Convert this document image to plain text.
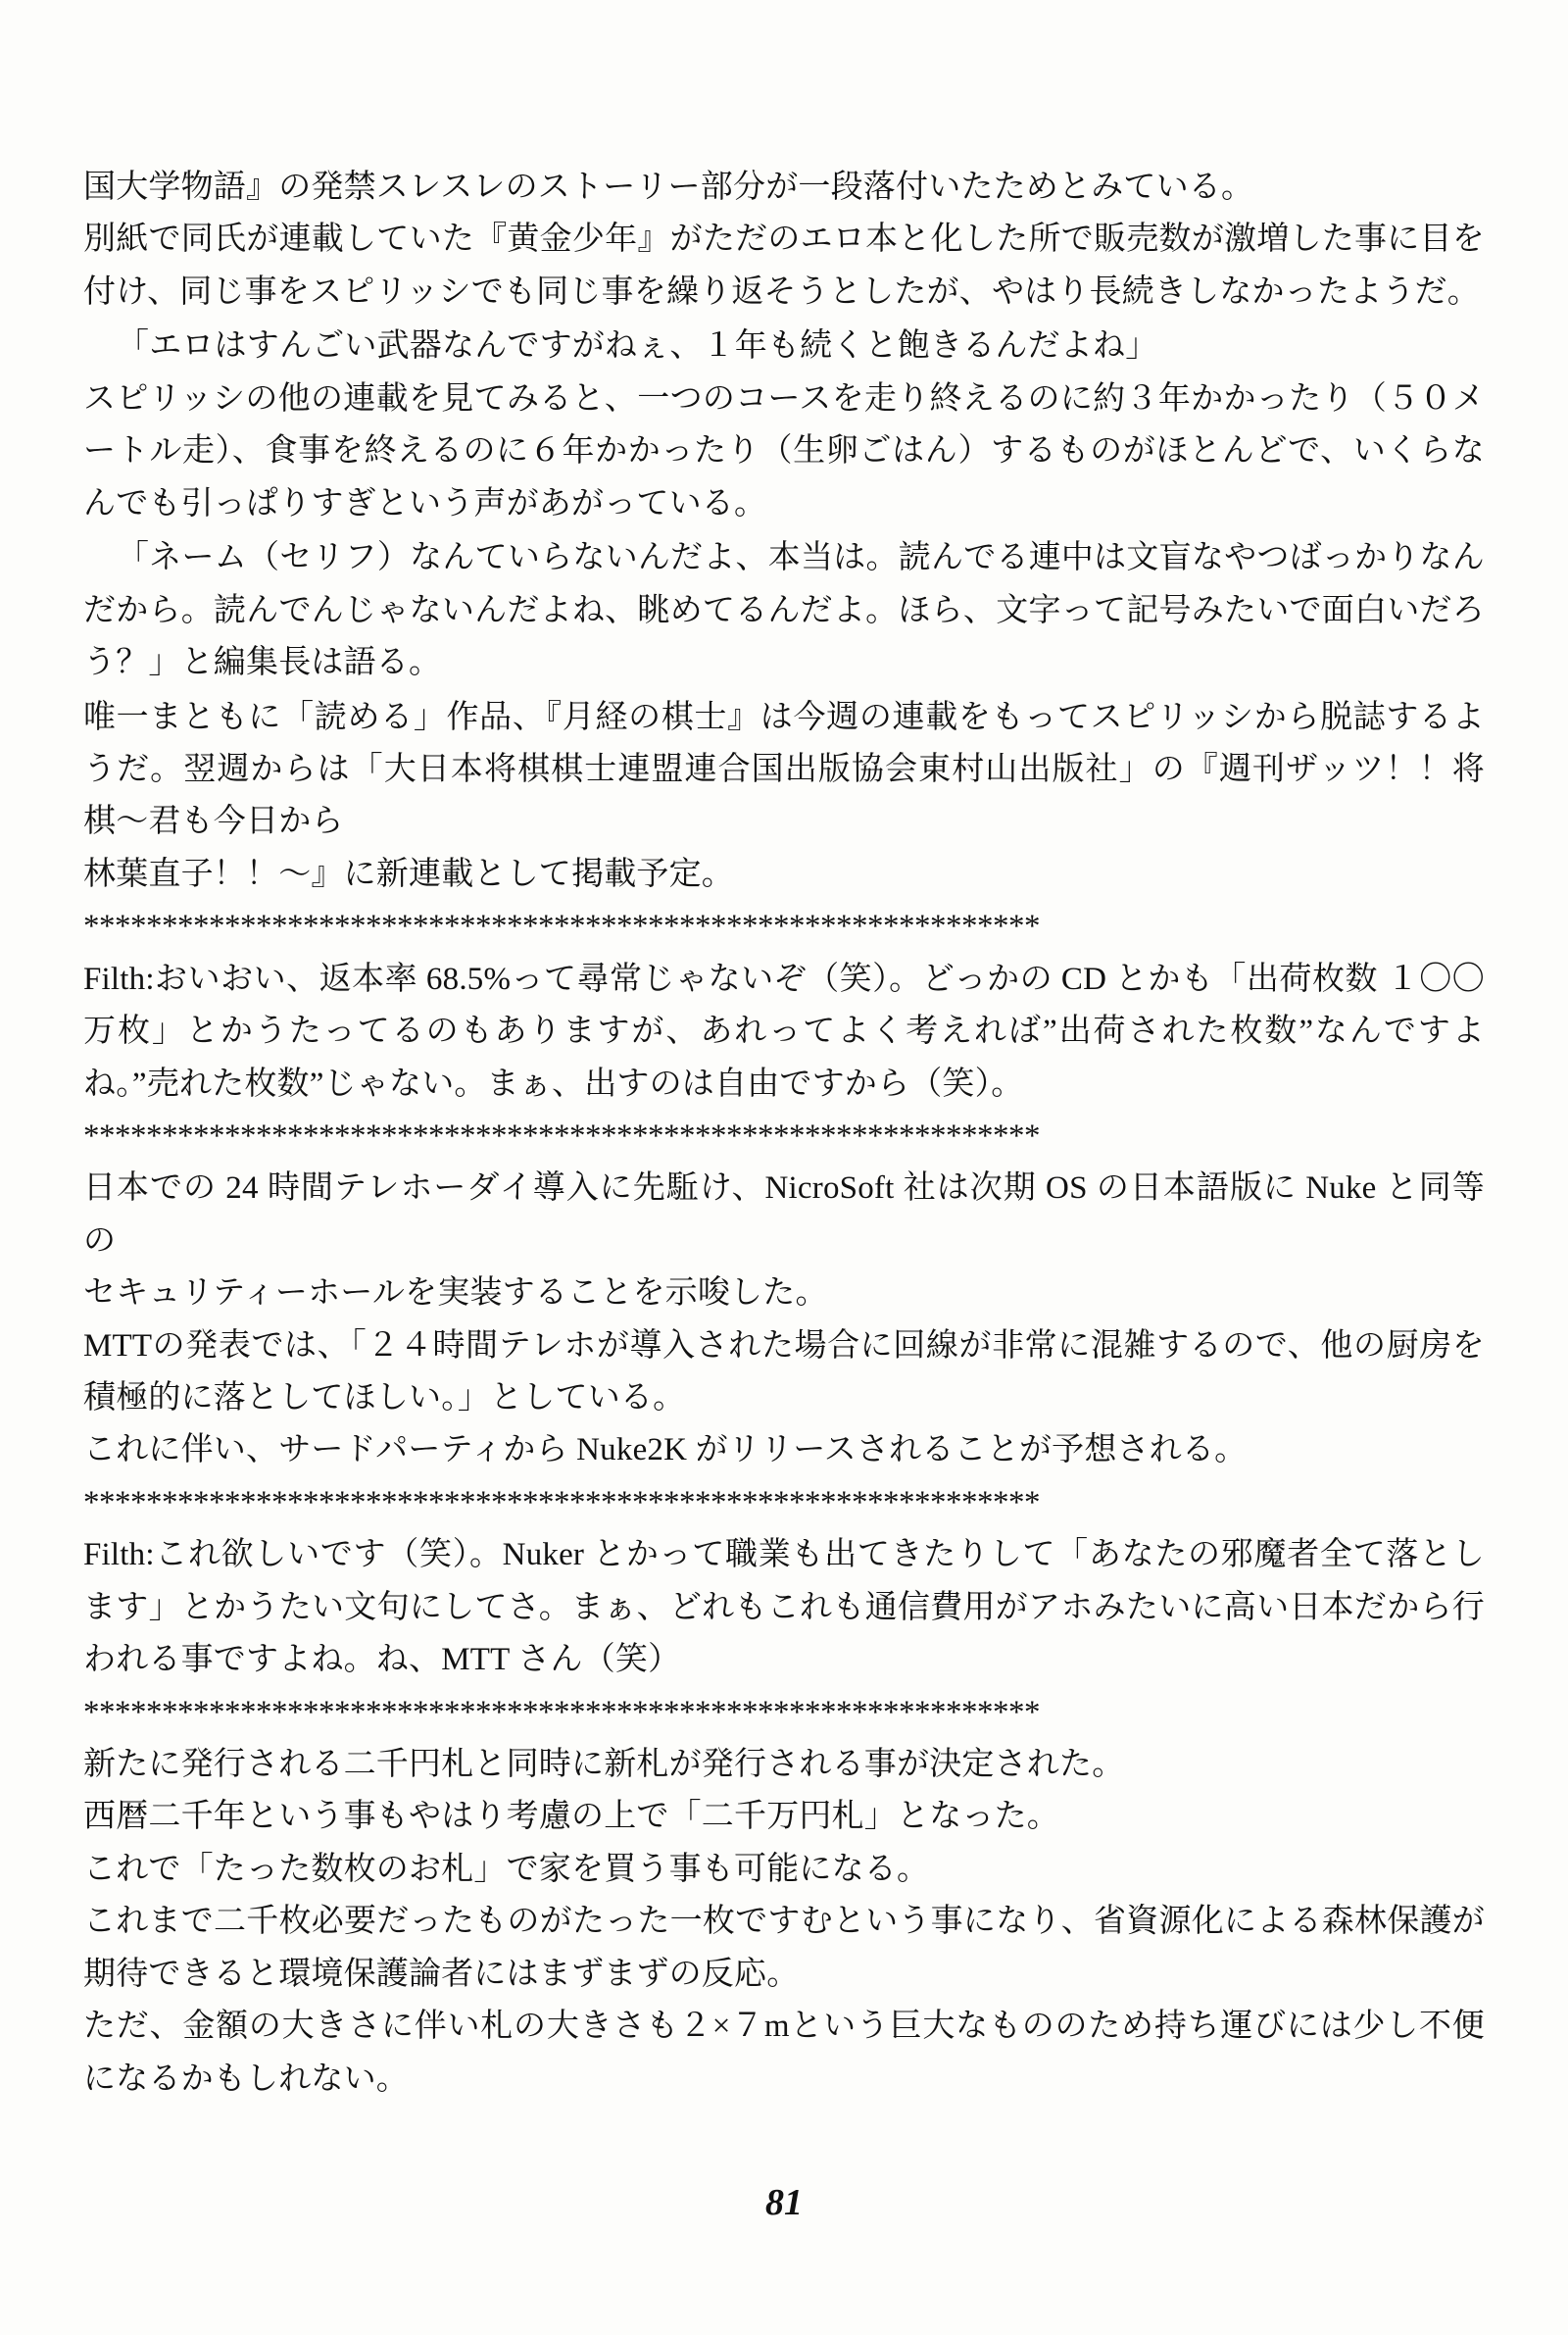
国大学物語』の発禁スレスレのストーリー部分が一段落付いたためとみている。

別紙で同氏が連載していた『黄金少年』がただのエロ本と化した所で販売数が激増した事に目を付け、同じ事をスピリッシでも同じ事を繰り返そうとしたが、やはり長続きしなかったようだ。

「エロはすんごい武器なんですがねぇ、１年も続くと飽きるんだよね」

スピリッシの他の連載を見てみると、一つのコースを走り終えるのに約３年かかったり（５０メートル走）、食事を終えるのに６年かかったり（生卵ごはん）するものがほとんどで、いくらなんでも引っぱりすぎという声があがっている。

「ネーム（セリフ）なんていらないんだよ、本当は。読んでる連中は文盲なやつばっかりなんだから。読んでんじゃないんだよね、眺めてるんだよ。ほら、文字って記号みたいで面白いだろう？」と編集長は語る。

唯一まともに「読める」作品、『月経の棋士』は今週の連載をもってスピリッシから脱誌するようだ。翌週からは「大日本将棋棋士連盟連合国出版協会東村山出版社」の『週刊ザッツ！！将棋〜君も今日から

林葉直子！！〜』に新連載として掲載予定。

*************************************************************

Filth:おいおい、返本率 68.5%って尋常じゃないぞ（笑）。どっかの CD とかも「出荷枚数 １〇〇 万枚」とかうたってるのもありますが、あれってよく考えれば”出荷された枚数”なんですよね。”売れた枚数”じゃない。まぁ、出すのは自由ですから（笑）。

*************************************************************

日本での 24 時間テレホーダイ導入に先駈け、NicroSoft 社は次期 OS の日本語版に Nuke と同等の

セキュリティーホールを実装することを示唆した。

MTTの発表では、「２４時間テレホが導入された場合に回線が非常に混雑するので、他の厨房を積極的に落としてほしい。」としている。

これに伴い、サードパーティから Nuke2K がリリースされることが予想される。

*************************************************************

Filth:これ欲しいです（笑）。Nuker とかって職業も出てきたりして「あなたの邪魔者全て落とします」とかうたい文句にしてさ。まぁ、どれもこれも通信費用がアホみたいに高い日本だから行われる事ですよね。ね、MTT さん（笑）

*************************************************************

新たに発行される二千円札と同時に新札が発行される事が決定された。

西暦二千年という事もやはり考慮の上で「二千万円札」となった。

これで「たった数枚のお札」で家を買う事も可能になる。

これまで二千枚必要だったものがたった一枚ですむという事になり、省資源化による森林保護が期待できると環境保護論者にはまずまずの反応。

ただ、金額の大きさに伴い札の大きさも２×７mという巨大なもののため持ち運びには少し不便になるかもしれない。

81
